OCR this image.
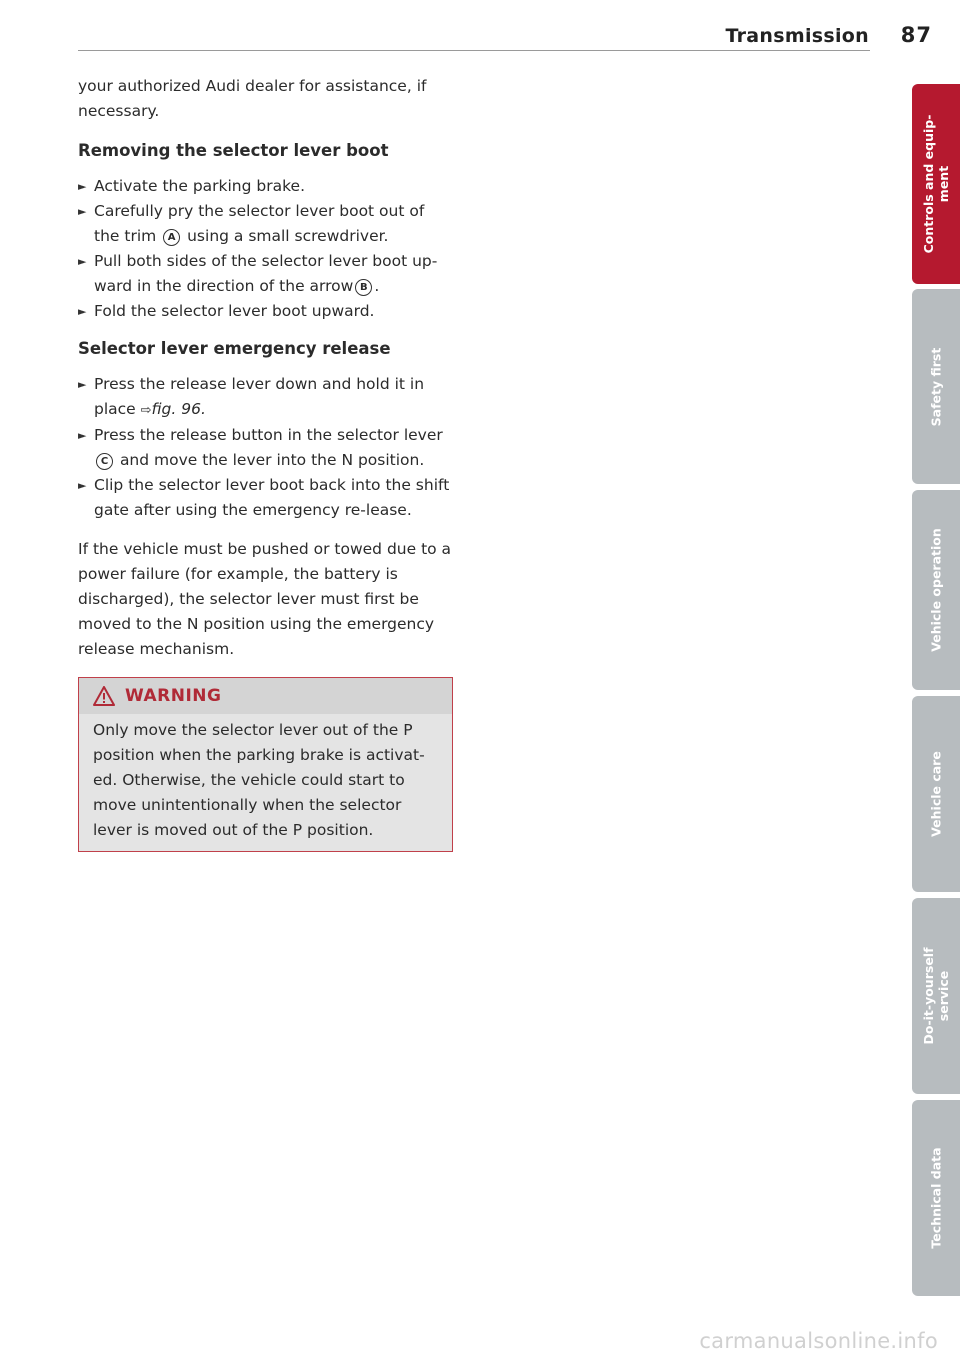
Transmission 87

your authorized Audi dealer for assistance, if necessary.

Removing the selector lever boot
► Activate the parking brake.
► Carefully pry the selector lever boot out of the trim A using a small screwdriver.
► Pull both sides of the selector lever boot up-ward in the direction of the arrow B .
► Fold the selector lever boot upward.
Selector lever emergency release
► Press the release lever down and hold it in place ⇨fig. 96.
► Press the release button in the selector lever C and move the lever into the N position.
► Clip the selector lever boot back into the shift gate after using the emergency re-lease.

If the vehicle must be pushed or towed due to a power failure (for example, the battery is discharged), the selector lever must first be moved to the N position using the emergency release mechanism.

WARNING
Only move the selector lever out of the P position when the parking brake is activat-ed. Otherwise, the vehicle could start to move unintentionally when the selector lever is moved out of the P position.
Controls and equip-
ment
Safety first
Vehicle operation
Vehicle care
Do-it-yourself
service
Technical data
carmanualsonline.info
